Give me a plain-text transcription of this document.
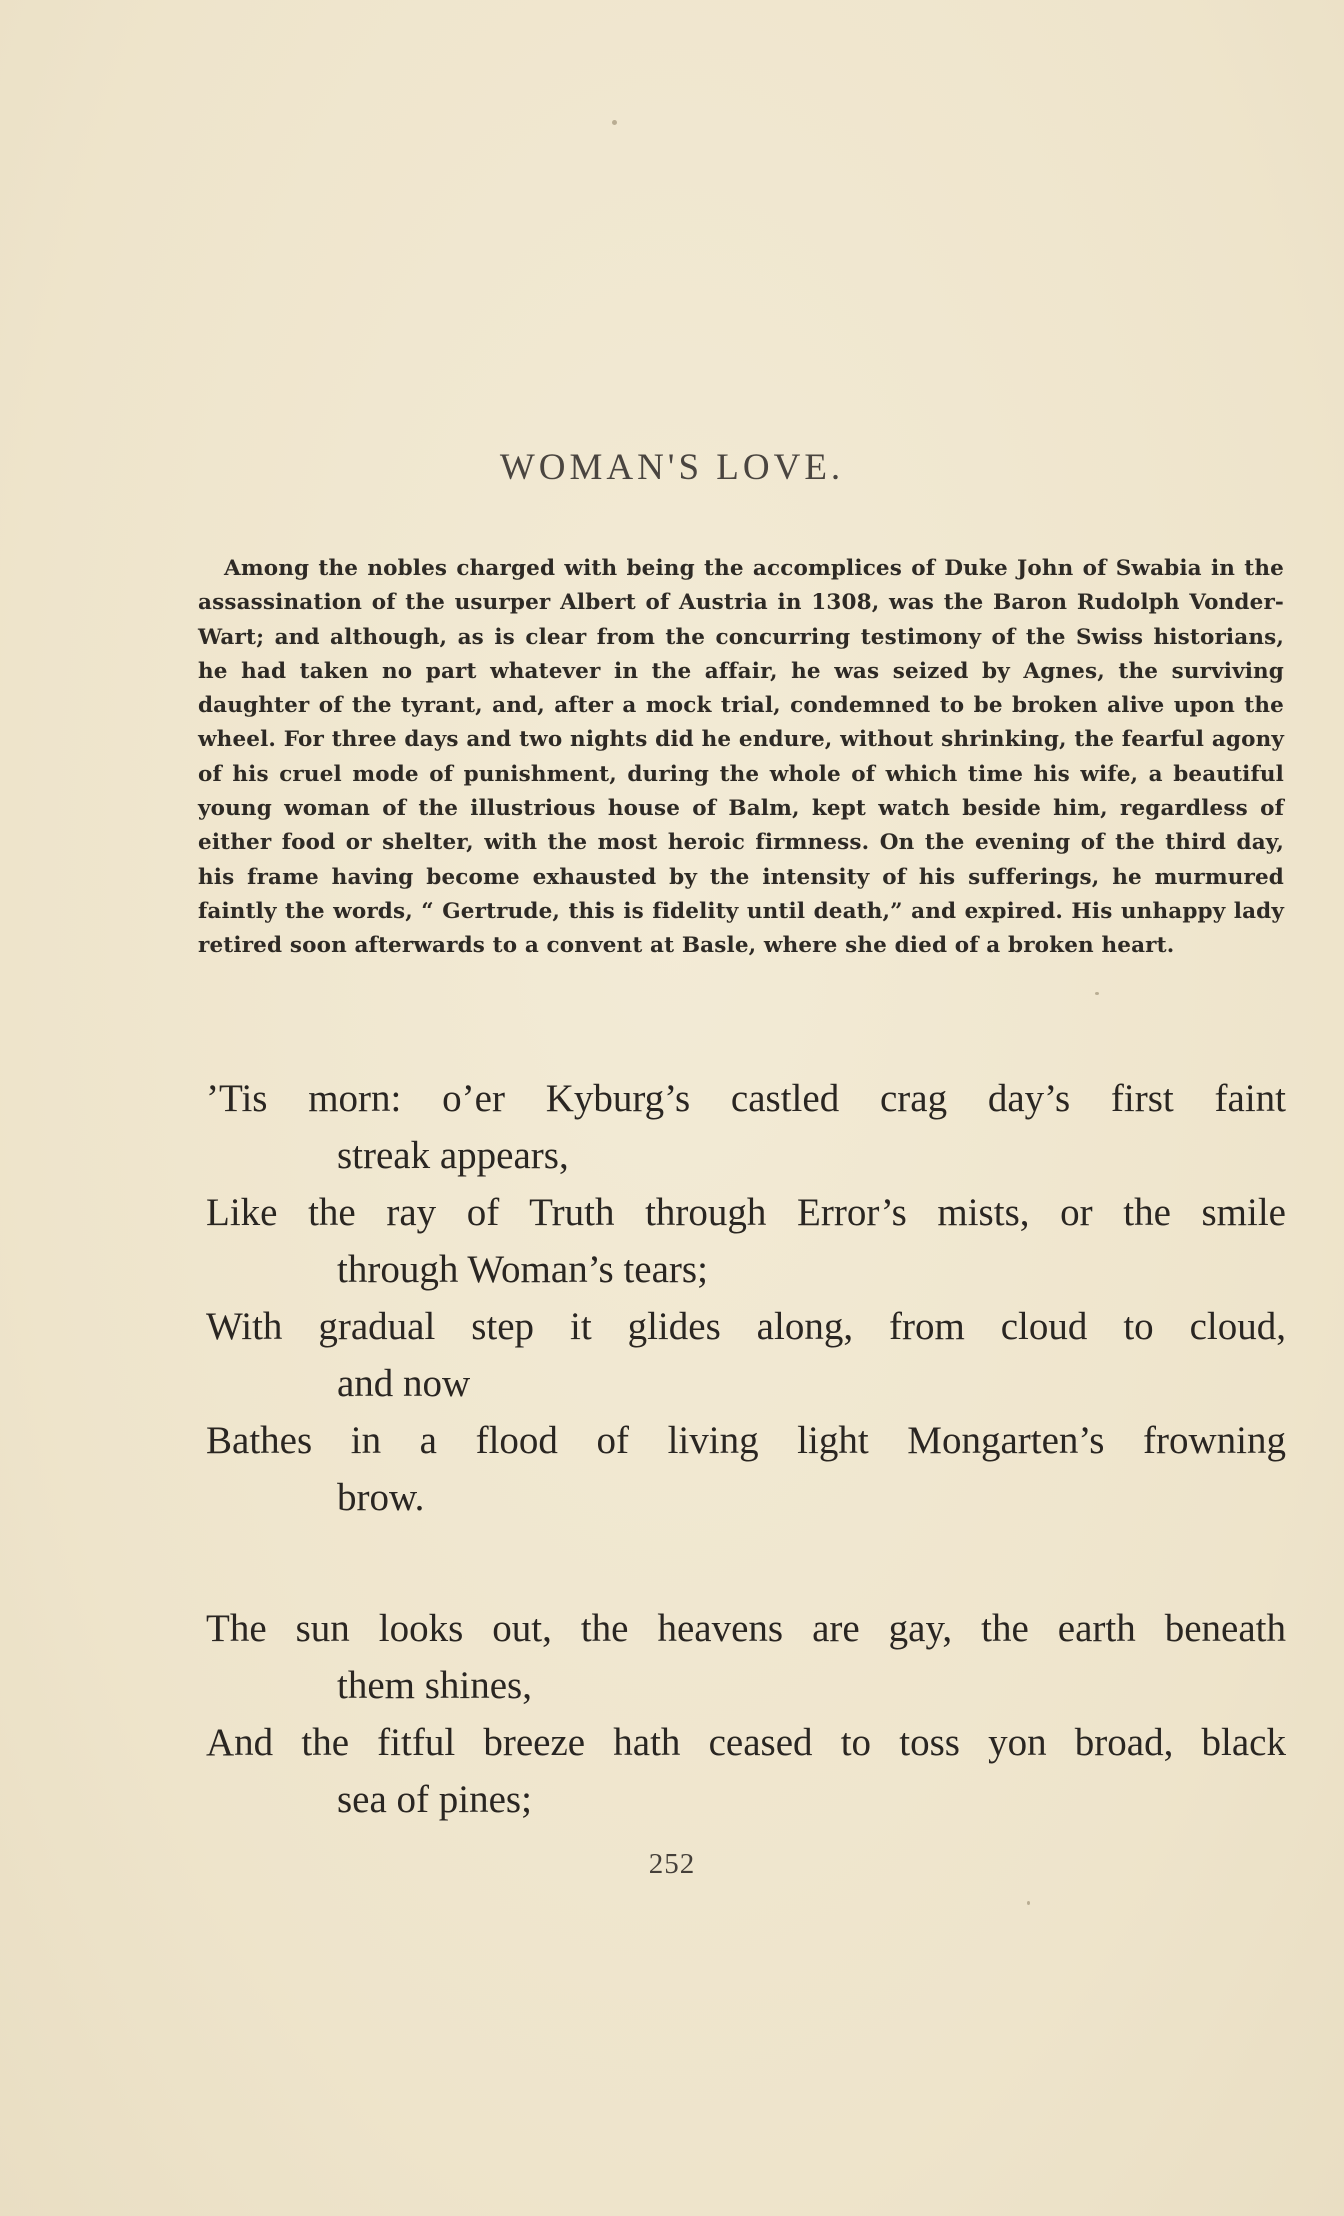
WOMAN'S LOVE.

Among the nobles charged with being the accomplices of Duke John of Swabia in the assassination of the usurper Albert of Austria in 1308, was the Baron Rudolph Vonder-Wart; and although, as is clear from the concurring testimony of the Swiss historians, he had taken no part whatever in the affair, he was seized by Agnes, the surviving daughter of the tyrant, and, after a mock trial, condemned to be broken alive upon the wheel. For three days and two nights did he endure, without shrinking, the fearful agony of his cruel mode of punishment, during the whole of which time his wife, a beautiful young woman of the illustrious house of Balm, kept watch beside him, regardless of either food or shelter, with the most heroic firmness. On the evening of the third day, his frame having become exhausted by the intensity of his sufferings, he murmured faintly the words, “ Gertrude, this is fidelity until death,” and expired. His unhappy lady retired soon afterwards to a convent at Basle, where she died of a broken heart.

’Tis morn: o’er Kyburg’s castled crag day’s first faint
streak appears,
Like the ray of Truth through Error’s mists, or the smile
through Woman’s tears;
With gradual step it glides along, from cloud to cloud,
and now
Bathes in a flood of living light Mongarten’s frowning
brow.
The sun looks out, the heavens are gay, the earth beneath
them shines,
And the fitful breeze hath ceased to toss yon broad, black
sea of pines;

252
